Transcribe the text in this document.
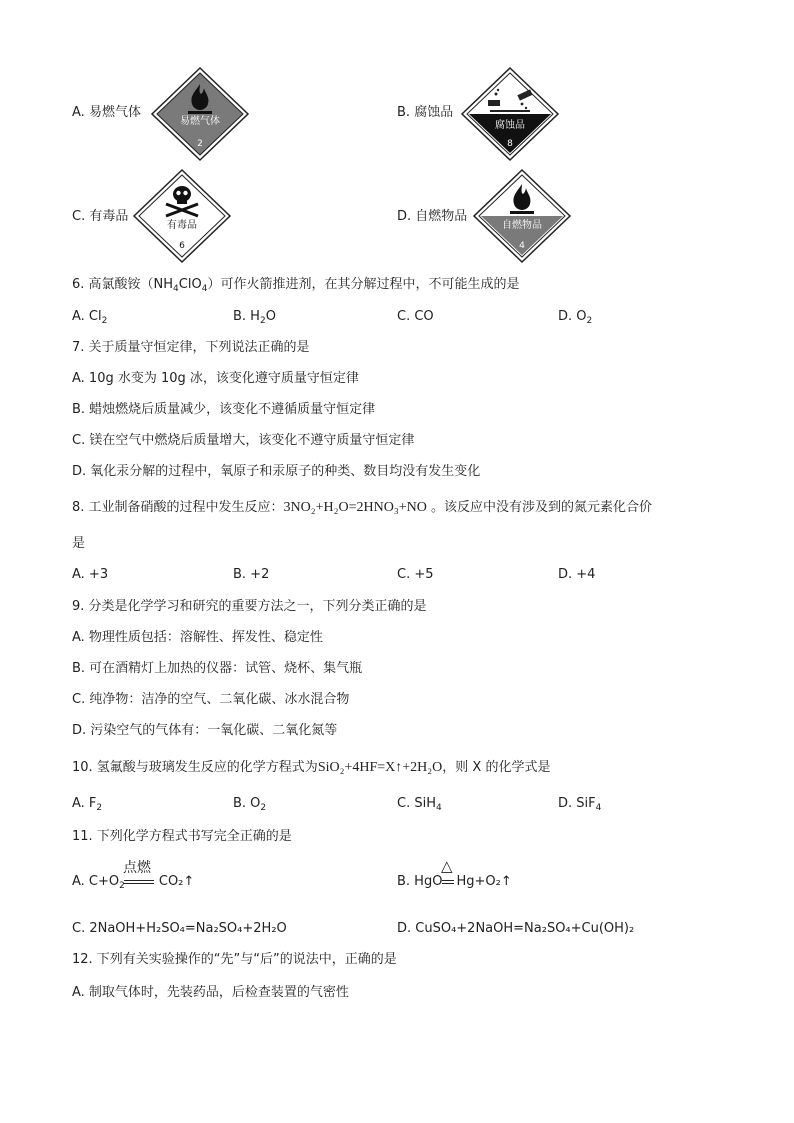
A. 易燃气体
易燃气体
2
B. 腐蚀品
腐蚀品
8
C. 有毒品
有毒品
6
D. 自燃物品
自燃物品
4
6. 高氯酸铵$(NH_4ClO_4)$可作火箭推进剂，在其分解过程中，不可能生成的是
A. $Cl_2$	B. $H_2O$	C. CO	D. $O_2$
7. 关于质量守恒定律，下列说法正确的是
A. 10g 水变为 10g 冰，该变化遵守质量守恒定律
B. 蜡烛燃烧后质量减少，该变化不遵循质量守恒定律
C. 镁在空气中燃烧后质量增大，该变化不遵守质量守恒定律
D. 氧化汞分解的过程中，氧原子和汞原子的种类、数目均没有发生变化
8. 工业制备硝酸的过程中发生反应：3NO₂+H₂O=2HNO₃+NO 。该反应中没有涉及到的氮元素化合价
是
A. +3	B. +2	C. +5	D. +4
9. 分类是化学学习和研究的重要方法之一，下列分类正确的是
A. 物理性质包括：溶解性、挥发性、稳定性
B. 可在酒精灯上加热的仪器：试管、烧杯、集气瓶
C. 纯净物：洁净的空气、二氧化碳、冰水混合物
D. 污染空气的气体有：一氧化碳、二氧化氮等
10. 氢氟酸与玻璃发生反应的化学方程式为SiO₂+4HF=X↑+2H₂O，则 X 的化学式是
A. $F_2$	B. $O_2$	C. SiH$_4$	D. SiF$_4$
11. 下列化学方程式书写完全正确的是
A. $C+O_2$	CO₂↑
点燃
B. HgO Hg+O₂↑
△
C. 2NaOH+H₂SO₄=Na₂SO₄+2H₂O	D. CuSO₄+2NaOH=Na₂SO₄+Cu(OH)₂
12. 下列有关实验操作的“先”与“后”的说法中，正确的是
A. 制取气体时，先装药品，后检查装置的气密性
